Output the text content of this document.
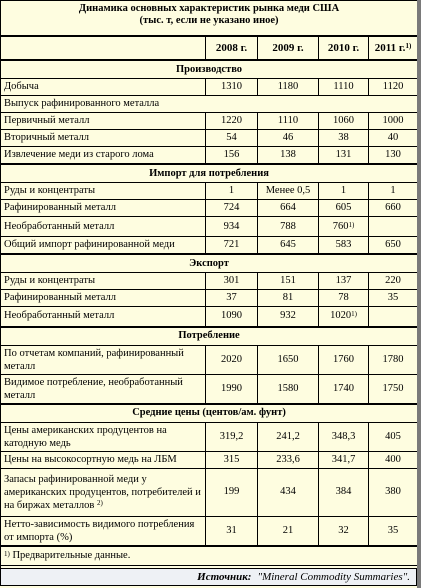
Динамика основных характеристик рынка меди США
(тыс. т, если не указано иное)				

	2008 г.	2009 г.	2010 г.	2011 г.$^{1)}$
Производство				
Добыча	1310	1180	1110	1120
Выпуск рафинированного металла				
Первичный металл	1220	1110	1060	1000
Вторичный металл	54	46	38	40
Извлечение меди из старого лома	156	138	131	130
Импорт для потребления				
Руды и концентраты	1	Менее 0,5	1	1
Рафинированный металл	724	664	605	660
Необработанный металл	934	788	760$^{1)}$	
Общий импорт рафинированной меди	721	645	583	650
Экспорт				
Руды и концентраты	301	151	137	220
Рафинированный металл	37	81	78	35
Необработанный металл	1090	932	1020$^{1)}$	
Потребление				
По отчетам компаний, рафинированный металл	2020	1650	1760	1780
Видимое потребление, необработанный металл	1990	1580	1740	1750
Средние цены (центов/ам. фунт)				
Цены американских продуцентов на катодную медь	319,2	241,2	348,3	405
Цены на высокосортную медь на ЛБМ	315	233,6	341,7	400
Запасы рафинированной меди у американских продуцентов, потребителей и на биржах металлов $^{2)}$	199	434	384	380
Нетто-зависимость видимого потребления от импорта (%)	31	21	32	35
$^{1)}$ Предварительные данные.				

Источник: "Mineral Commodity Summaries".
